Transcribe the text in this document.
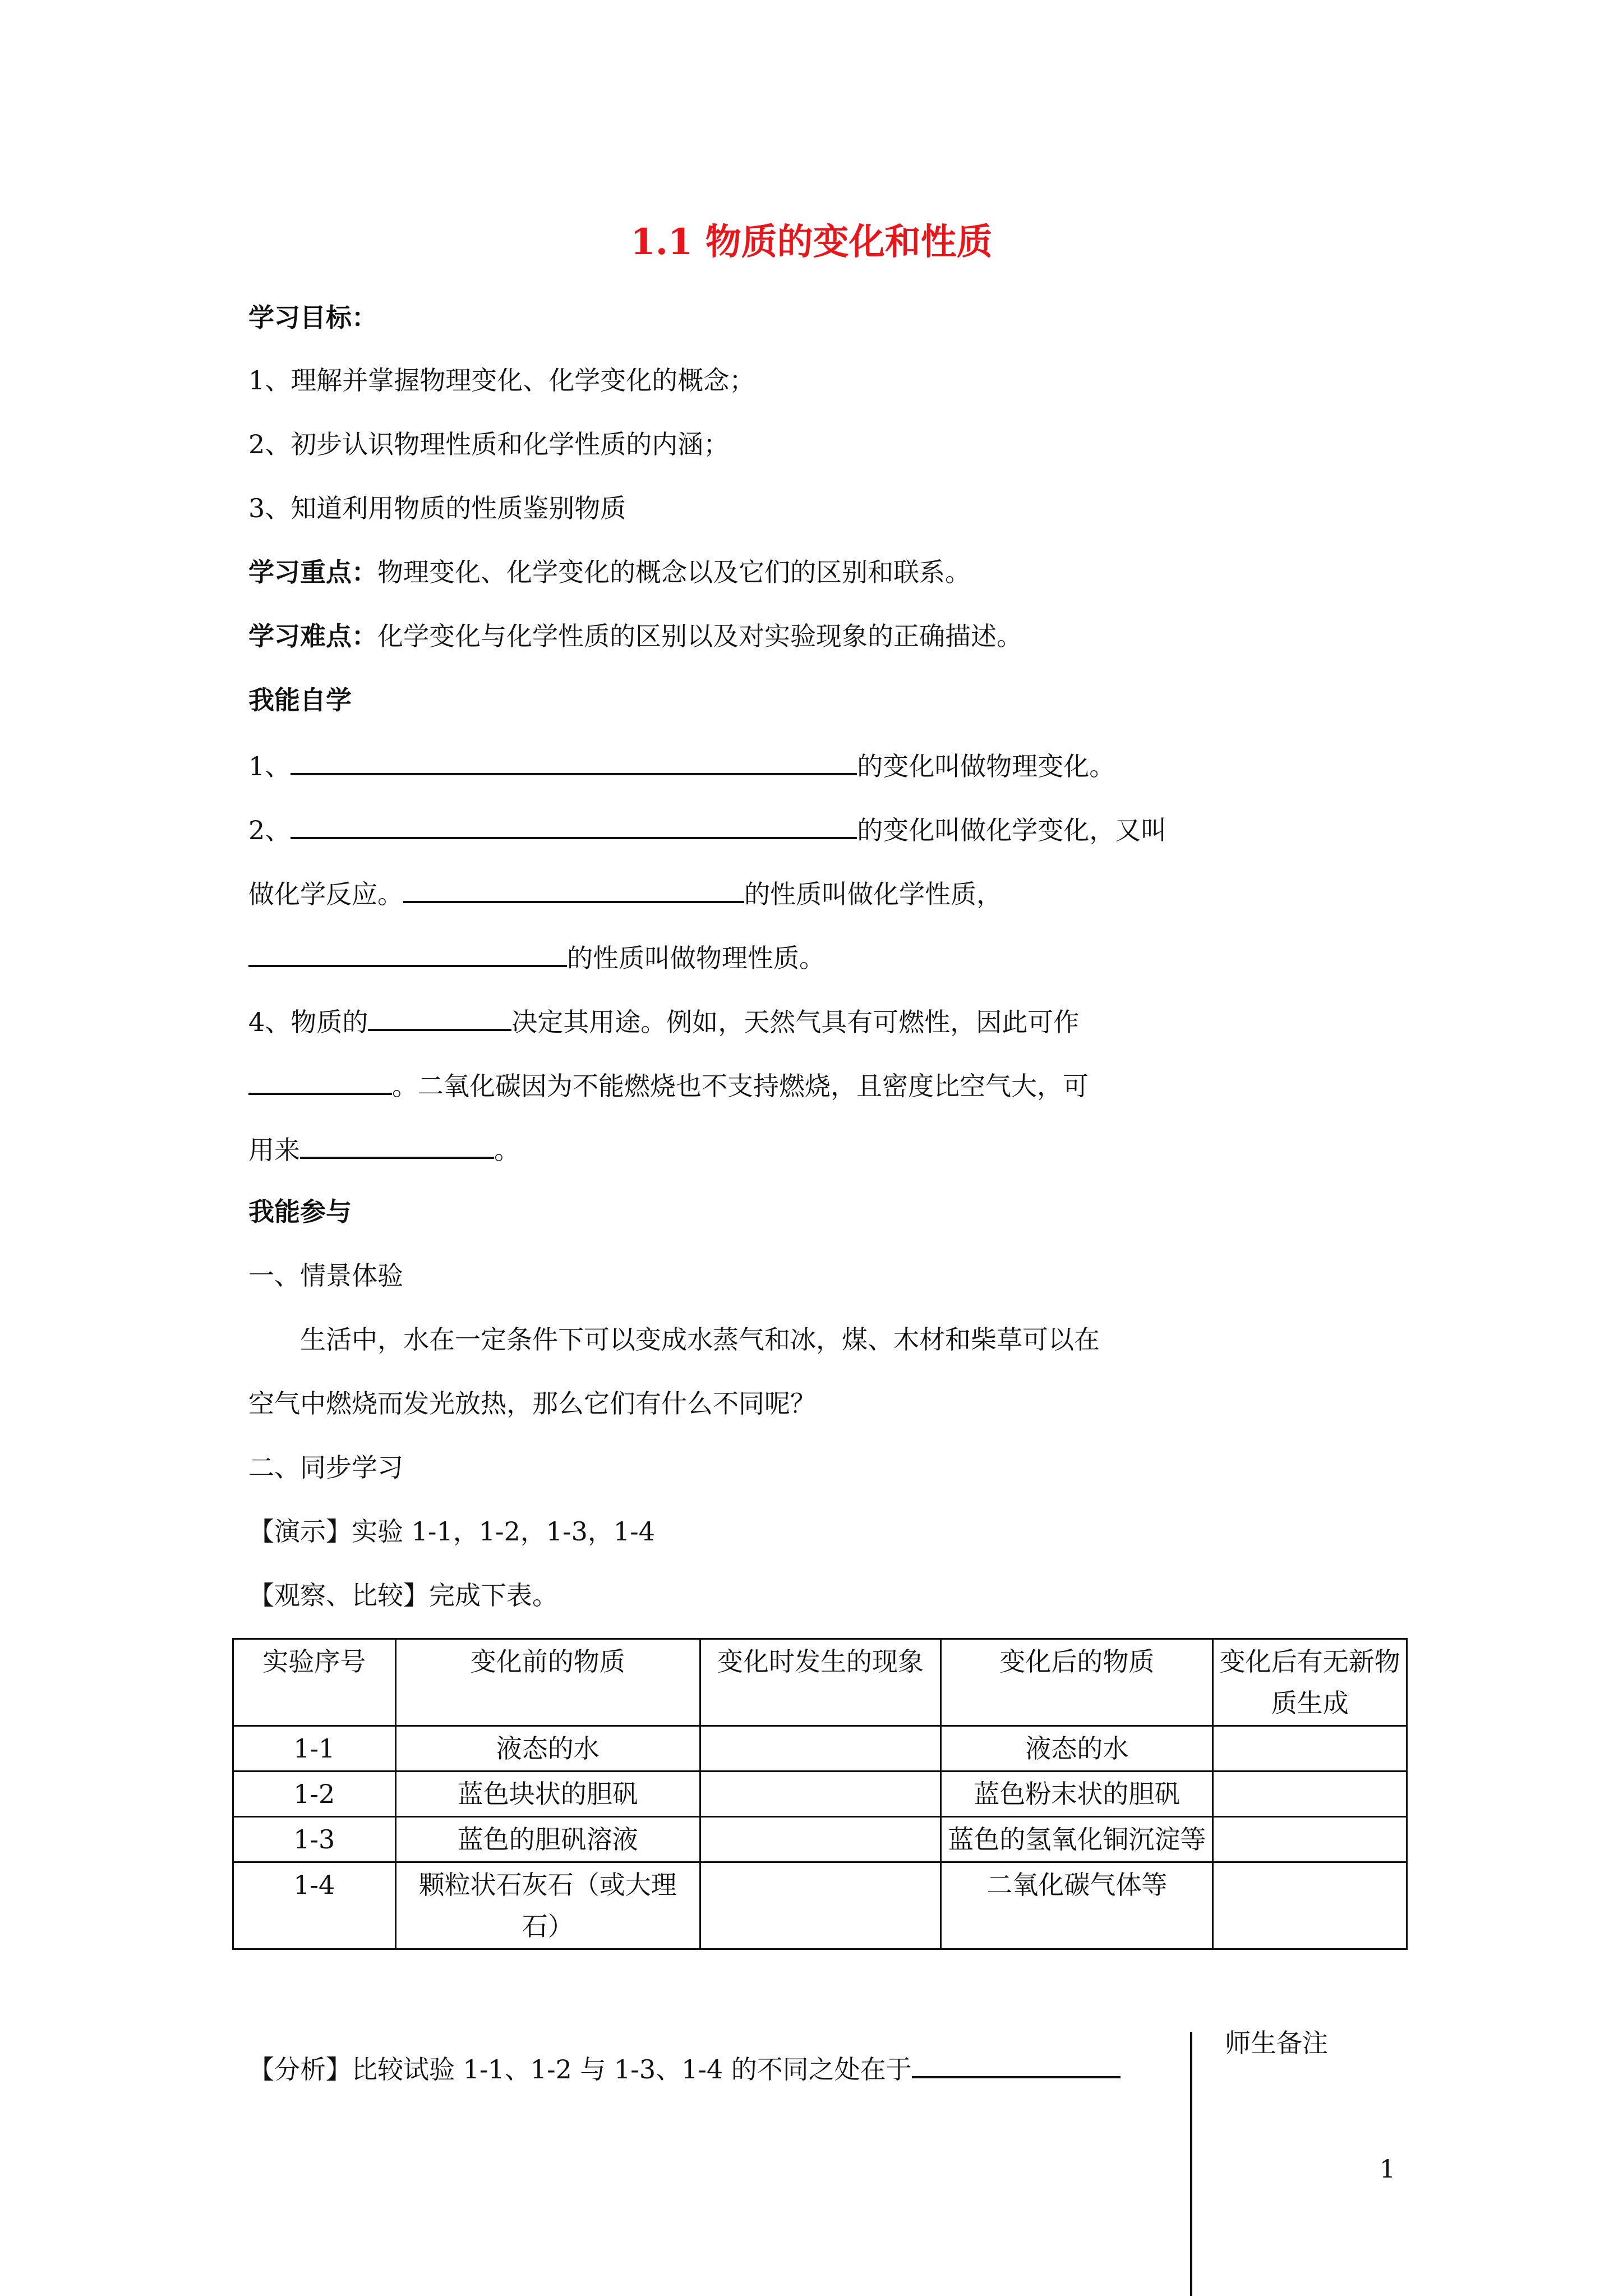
1.1 物质的变化和性质
学习目标：
1、理解并掌握物理变化、化学变化的概念；
2、初步认识物理性质和化学性质的内涵；
3、知道利用物质的性质鉴别物质
学习重点：物理变化、化学变化的概念以及它们的区别和联系。
学习难点：化学变化与化学性质的区别以及对实验现象的正确描述。
我能自学
1、	的变化叫做物理变化。
2、	的变化叫做化学变化，又叫
做化学反应。	的性质叫做化学性质，
的性质叫做物理性质。
4、物质的	决定其用途。例如，天然气具有可燃性，因此可作
。二氧化碳因为不能燃烧也不支持燃烧，且密度比空气大，可
用来	。
我能参与
一、情景体验
生活中，水在一定条件下可以变成水蒸气和冰，煤、木材和柴草可以在
空气中燃烧而发光放热，那么它们有什么不同呢？
二、同步学习
【演示】实验 1-1，1-2，1-3，1-4
【观察、比较】完成下表。
实验序号	变化前的物质	变化时发生的现象	变化后的物质	变化后有无新物质生成
1-1	液态的水		液态的水	
1-2	蓝色块状的胆矾		蓝色粉末状的胆矾	
1-3	蓝色的胆矾溶液		蓝色的氢氧化铜沉淀等	
1-4	颗粒状石灰石（或大理石）		二氧化碳气体等	
【分析】比较试验 1-1、1-2 与 1-3、1-4 的不同之处在于
师生备注
1
